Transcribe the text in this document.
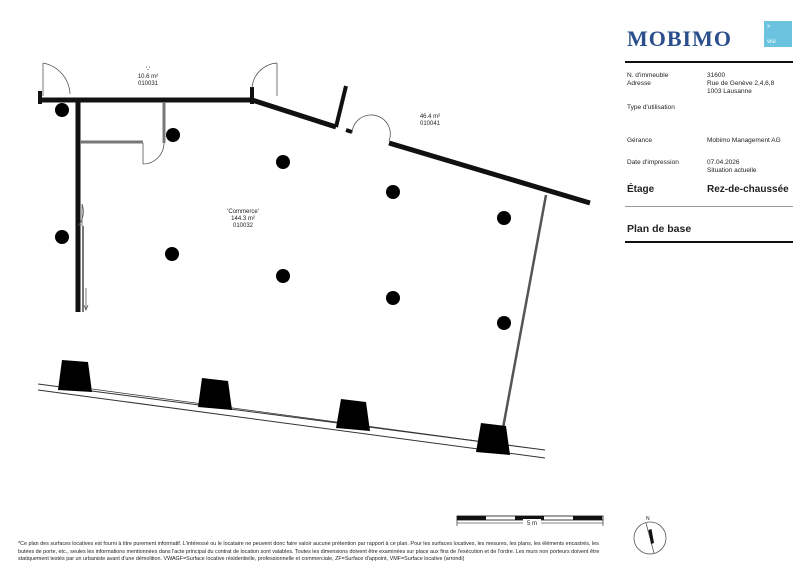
'-'
10.6 m²
010031
46.4 m²
010041
'Commerce'
144.3 m²
010032
5 m
N
MOBIMO	>
visi
N. d'immeuble	31600
Adresse	Rue de Genève 2,4,6,8
1003 Lausanne
Type d'utilisation
Gérance	Mobimo Management AG
Date d'impression	07.04.2026
Situation actuelle
Étage	Rez-de-chaussée
Plan de base
*Ce plan des surfaces locatives est fourni à titre purement informatif. L'intéressé ou le locataire ne peuvent donc faire valoir aucune prétention par rapport à ce plan. Pour les surfaces locatives, les mesures, les plans, les éléments encastrés, les butées de porte, etc., seules les informations mentionnées dans l'acte principal du contrat de location sont valables. Toutes les dimensions doivent être examinées sur place aux fins de l'exécution et de l'ordre. Les murs non porteurs doivent être statiquement testés par un urbaniste avant d'une démolition. VWAGF=Surface locative résidentielle, professionnelle et commerciale, ZF=Surface d'appoint, VMF=Surface locative (arrondi)
